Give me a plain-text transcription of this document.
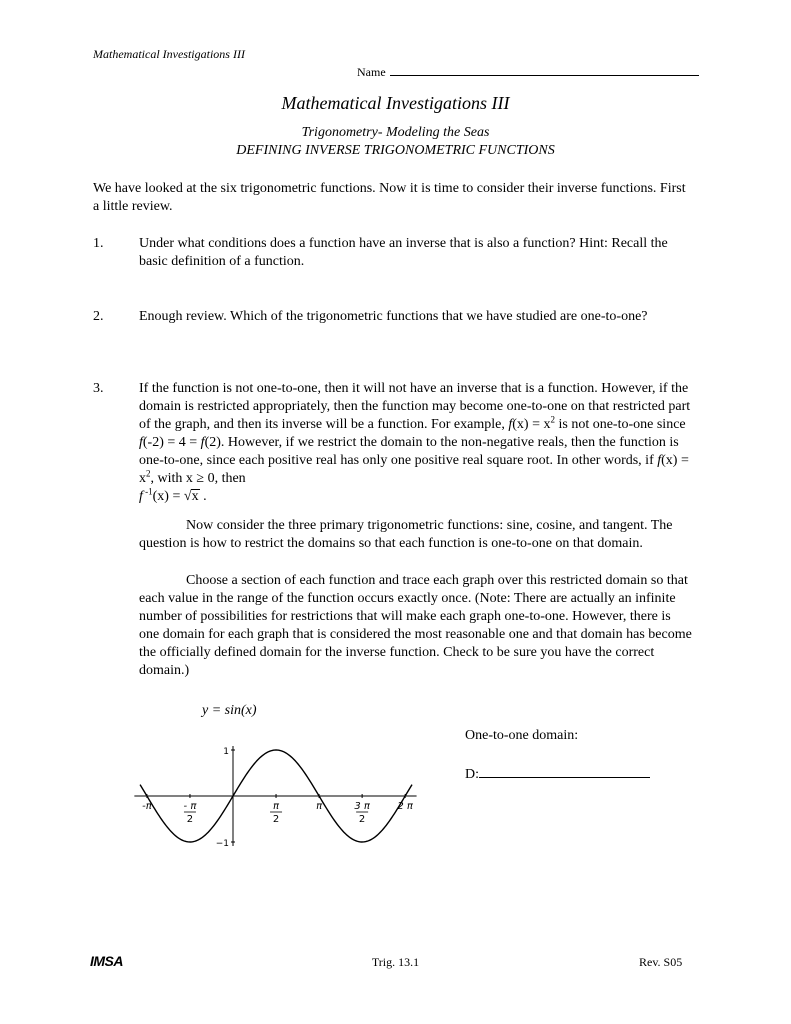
Mathematical Investigations III
Name
Mathematical Investigations III
Trigonometry- Modeling the Seas
DEFINING INVERSE TRIGONOMETRIC FUNCTIONS
We have looked at the six trigonometric functions. Now it is time to consider their inverse functions. First a little review.
1.	Under what conditions does a function have an inverse that is also a function? Hint: Recall the basic definition of a function.
2.	Enough review. Which of the trigonometric functions that we have studied are one-to-one?
3.	If the function is not one-to-one, then it will not have an inverse that is a function. However, if the domain is restricted appropriately, then the function may become one-to-one on that restricted part of the graph, and then its inverse will be a function. For example, $f(x) = x^2$ is not one-to-one since f(-2) = 4 = f(2). However, if we restrict the domain to the non-negative reals, then the function is one-to-one, since each positive real has only one positive real square root. In other words, if $f(x) = x^2$, with x ≥ 0, then
f $^{-1}$(x) = √x .
Now consider the three primary trigonometric functions: sine, cosine, and tangent. The question is how to restrict the domains so that each function is one-to-one on that domain.
Choose a section of each function and trace each graph over this restricted domain so that each value in the range of the function occurs exactly once. (Note: There are actually an infinite number of possibilities for restrictions that will make each graph one-to-one. However, there is one domain for each graph that is considered the most reasonable one and that domain has become the officially defined domain for the inverse function. Check to be sure you have the correct domain.)
y = sin(x)
One-to-one domain:
D:
1
−1
-π	- π
2
π
2
π	3 π
2
2 π
IMSA	Trig. 13.1	Rev. S05
